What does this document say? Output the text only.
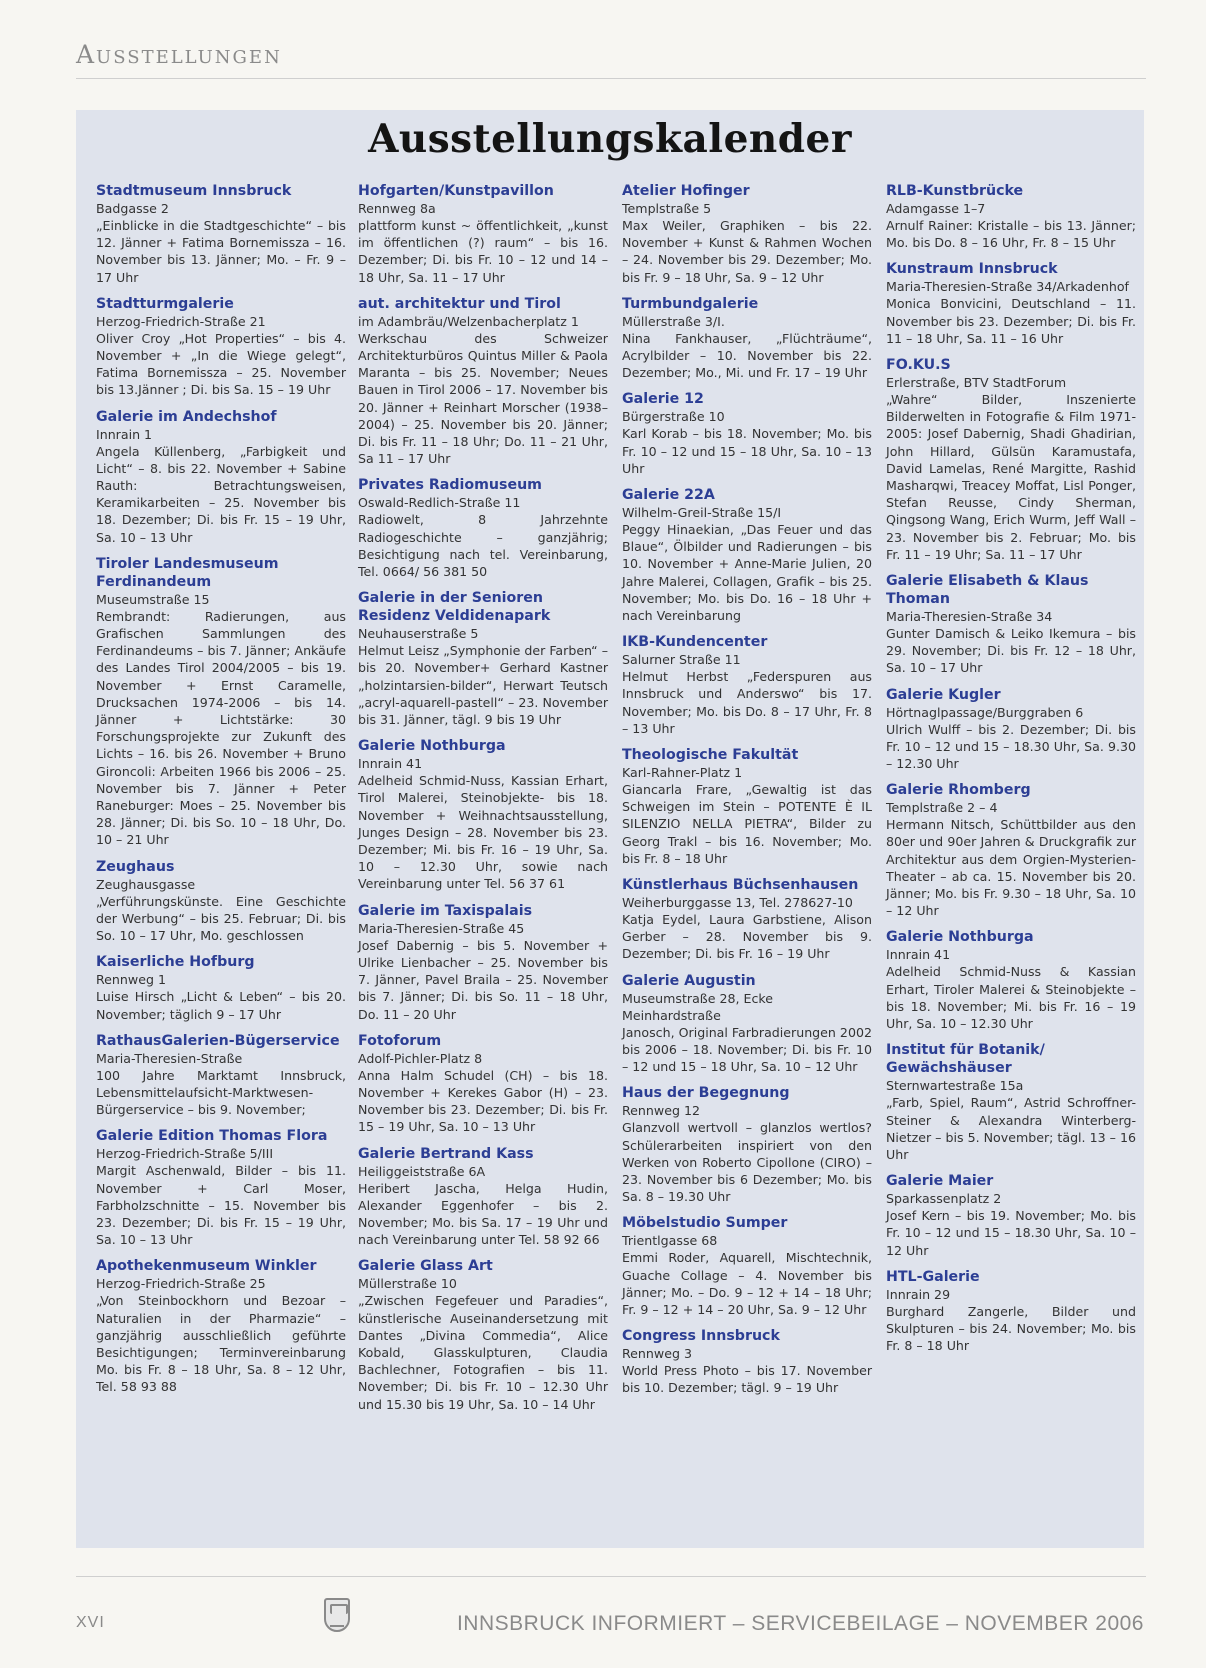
Ausstellungen
Ausstellungskalender
Stadtmuseum Innsbruck
Badgasse 2
„Einblicke in die Stadtgeschichte“ – bis 12. Jänner + Fatima Bornemissza – 16. November bis 13. Jänner; Mo. – Fr. 9 – 17 Uhr
Stadtturmgalerie
Herzog-Friedrich-Straße 21
Oliver Croy „Hot Properties“ – bis 4. November + „In die Wiege gelegt“, Fatima Bornemissza – 25. November bis 13.Jänner ; Di. bis Sa. 15 – 19 Uhr
Galerie im Andechshof
Innrain 1
Angela Küllenberg, „Farbigkeit und Licht“ – 8. bis 22. November + Sabine Rauth: Betrachtungsweisen, Keramikarbeiten – 25. November bis 18. Dezember; Di. bis Fr. 15 – 19 Uhr, Sa. 10 – 13 Uhr
Tiroler Landesmuseum Ferdinandeum
Museumstraße 15
Rembrandt: Radierungen, aus Grafischen Sammlungen des Ferdinandeums – bis 7. Jänner; Ankäufe des Landes Tirol 2004/2005 – bis 19. November + Ernst Caramelle, Drucksachen 1974-2006 – bis 14. Jänner + Lichtstärke: 30 Forschungsprojekte zur Zukunft des Lichts – 16. bis 26. November + Bruno Gironcoli: Arbeiten 1966 bis 2006 – 25. November bis 7. Jänner + Peter Raneburger: Moes – 25. November bis 28. Jänner; Di. bis So. 10 – 18 Uhr, Do. 10 – 21 Uhr
Zeughaus
Zeughausgasse
„Verführungskünste. Eine Geschichte der Werbung“ – bis 25. Februar; Di. bis So. 10 – 17 Uhr, Mo. geschlossen
Kaiserliche Hofburg
Rennweg 1
Luise Hirsch „Licht & Leben“ – bis 20. November; täglich 9 – 17 Uhr
RathausGalerien-Bügerservice
Maria-Theresien-Straße
100 Jahre Marktamt Innsbruck, Lebensmittelaufsicht-Marktwesen-Bürgerservice – bis 9. November;
Galerie Edition Thomas Flora
Herzog-Friedrich-Straße 5/III
Margit Aschenwald, Bilder – bis 11. November + Carl Moser, Farbholzschnitte – 15. November bis 23. Dezember; Di. bis Fr. 15 – 19 Uhr, Sa. 10 – 13 Uhr
Apothekenmuseum Winkler
Herzog-Friedrich-Straße 25
„Von Steinbockhorn und Bezoar – Naturalien in der Pharmazie“ – ganzjährig ausschließlich geführte Besichtigungen; Terminvereinbarung Mo. bis Fr. 8 – 18 Uhr, Sa. 8 – 12 Uhr, Tel. 58 93 88
Hofgarten/Kunstpavillon
Rennweg 8a
plattform kunst ~ öffentlichkeit, „kunst im öffentlichen (?) raum“ – bis 16. Dezember; Di. bis Fr. 10 – 12 und 14 – 18 Uhr, Sa. 11 – 17 Uhr
aut. architektur und Tirol
im Adambräu/Welzenbacherplatz 1
Werkschau des Schweizer Architekturbüros Quintus Miller & Paola Maranta – bis 25. November; Neues Bauen in Tirol 2006 – 17. November bis 20. Jänner + Reinhart Morscher (1938–2004) – 25. November bis 20. Jänner; Di. bis Fr. 11 – 18 Uhr; Do. 11 – 21 Uhr, Sa 11 – 17 Uhr
Privates Radiomuseum
Oswald-Redlich-Straße 11
Radiowelt, 8 Jahrzehnte Radiogeschichte – ganzjährig; Besichtigung nach tel. Vereinbarung, Tel. 0664/ 56 381 50
Galerie in der Senioren Residenz Veldidenapark
Neuhauserstraße 5
Helmut Leisz „Symphonie der Farben“ – bis 20. November+ Gerhard Kastner „holzintarsien-bilder“, Herwart Teutsch „acryl-aquarell-pastell“ – 23. November bis 31. Jänner, tägl. 9 bis 19 Uhr
Galerie Nothburga
Innrain 41
Adelheid Schmid-Nuss, Kassian Erhart, Tirol Malerei, Steinobjekte- bis 18. November + Weihnachtsausstellung, Junges Design – 28. November bis 23. Dezember; Mi. bis Fr. 16 – 19 Uhr, Sa. 10 – 12.30 Uhr, sowie nach Vereinbarung unter Tel. 56 37 61
Galerie im Taxispalais
Maria-Theresien-Straße 45
Josef Dabernig – bis 5. November + Ulrike Lienbacher – 25. November bis 7. Jänner, Pavel Braila – 25. November bis 7. Jänner; Di. bis So. 11 – 18 Uhr, Do. 11 – 20 Uhr
Fotoforum
Adolf-Pichler-Platz 8
Anna Halm Schudel (CH) – bis 18. November + Kerekes Gabor (H) – 23. November bis 23. Dezember; Di. bis Fr. 15 – 19 Uhr, Sa. 10 – 13 Uhr
Galerie Bertrand Kass
Heiliggeiststraße 6A
Heribert Jascha, Helga Hudin, Alexander Eggenhofer – bis 2. November; Mo. bis Sa. 17 – 19 Uhr und nach Vereinbarung unter Tel. 58 92 66
Galerie Glass Art
Müllerstraße 10
„Zwischen Fegefeuer und Paradies“, künstlerische Auseinandersetzung mit Dantes „Divina Commedia“, Alice Kobald, Glasskulpturen, Claudia Bachlechner, Fotografien – bis 11. November; Di. bis Fr. 10 – 12.30 Uhr und 15.30 bis 19 Uhr, Sa. 10 – 14 Uhr
Atelier Hofinger
Templstraße 5
Max Weiler, Graphiken – bis 22. November + Kunst & Rahmen Wochen – 24. November bis 29. Dezember; Mo. bis Fr. 9 – 18 Uhr, Sa. 9 – 12 Uhr
Turmbundgalerie
Müllerstraße 3/I.
Nina Fankhauser, „Flüchträume“, Acrylbilder – 10. November bis 22. Dezember; Mo., Mi. und Fr. 17 – 19 Uhr
Galerie 12
Bürgerstraße 10
Karl Korab – bis 18. November; Mo. bis Fr. 10 – 12 und 15 – 18 Uhr, Sa. 10 – 13 Uhr
Galerie 22A
Wilhelm-Greil-Straße 15/I
Peggy Hinaekian, „Das Feuer und das Blaue“, Ölbilder und Radierungen – bis 10. November + Anne-Marie Julien, 20 Jahre Malerei, Collagen, Grafik – bis 25. November; Mo. bis Do. 16 – 18 Uhr + nach Vereinbarung
IKB-Kundencenter
Salurner Straße 11
Helmut Herbst „Federspuren aus Innsbruck und Anderswo“ bis 17. November; Mo. bis Do. 8 – 17 Uhr, Fr. 8 – 13 Uhr
Theologische Fakultät
Karl-Rahner-Platz 1
Giancarla Frare, „Gewaltig ist das Schweigen im Stein – POTENTE È IL SILENZIO NELLA PIETRA“, Bilder zu Georg Trakl – bis 16. November; Mo. bis Fr. 8 – 18 Uhr
Künstlerhaus Büchsenhausen
Weiherburggasse 13, Tel. 278627-10
Katja Eydel, Laura Garbstiene, Alison Gerber – 28. November bis 9. Dezember; Di. bis Fr. 16 – 19 Uhr
Galerie Augustin
Museumstraße 28, Ecke Meinhardstraße
Janosch, Original Farbradierungen 2002 bis 2006 – 18. November; Di. bis Fr. 10 – 12 und 15 – 18 Uhr, Sa. 10 – 12 Uhr
Haus der Begegnung
Rennweg 12
Glanzvoll wertvoll – glanzlos wertlos? Schülerarbeiten inspiriert von den Werken von Roberto Cipollone (CIRO) – 23. November bis 6 Dezember; Mo. bis Sa. 8 – 19.30 Uhr
Möbelstudio Sumper
Trientlgasse 68
Emmi Roder, Aquarell, Mischtechnik, Guache Collage – 4. November bis Jänner; Mo. – Do. 9 – 12 + 14 – 18 Uhr; Fr. 9 – 12 + 14 – 20 Uhr, Sa. 9 – 12 Uhr
Congress Innsbruck
Rennweg 3
World Press Photo – bis 17. November bis 10. Dezember; tägl. 9 – 19 Uhr
RLB-Kunstbrücke
Adamgasse 1–7
Arnulf Rainer: Kristalle – bis 13. Jänner; Mo. bis Do. 8 – 16 Uhr, Fr. 8 – 15 Uhr
Kunstraum Innsbruck
Maria-Theresien-Straße 34/Arkadenhof
Monica Bonvicini, Deutschland – 11. November bis 23. Dezember; Di. bis Fr. 11 – 18 Uhr, Sa. 11 – 16 Uhr
FO.KU.S
Erlerstraße, BTV StadtForum
„Wahre“ Bilder, Inszenierte Bilderwelten in Fotografie & Film 1971-2005: Josef Dabernig, Shadi Ghadirian, John Hillard, Gülsün Karamustafa, David Lamelas, René Margitte, Rashid Masharqwi, Treacey Moffat, Lisl Ponger, Stefan Reusse, Cindy Sherman, Qingsong Wang, Erich Wurm, Jeff Wall – 23. November bis 2. Februar; Mo. bis Fr. 11 – 19 Uhr; Sa. 11 – 17 Uhr
Galerie Elisabeth & Klaus Thoman
Maria-Theresien-Straße 34
Gunter Damisch & Leiko Ikemura – bis 29. November; Di. bis Fr. 12 – 18 Uhr, Sa. 10 – 17 Uhr
Galerie Kugler
Hörtnaglpassage/Burggraben 6
Ulrich Wulff – bis 2. Dezember; Di. bis Fr. 10 – 12 und 15 – 18.30 Uhr, Sa. 9.30 – 12.30 Uhr
Galerie Rhomberg
Templstraße 2 – 4
Hermann Nitsch, Schüttbilder aus den 80er und 90er Jahren & Druckgrafik zur Architektur aus dem Orgien-Mysterien-Theater – ab ca. 15. November bis 20. Jänner; Mo. bis Fr. 9.30 – 18 Uhr, Sa. 10 – 12 Uhr
Galerie Nothburga
Innrain 41
Adelheid Schmid-Nuss & Kassian Erhart, Tiroler Malerei & Steinobjekte – bis 18. November; Mi. bis Fr. 16 – 19 Uhr, Sa. 10 – 12.30 Uhr
Institut für Botanik/ Gewächshäuser
Sternwartestraße 15a
„Farb, Spiel, Raum“, Astrid Schroffner-Steiner & Alexandra Winterberg-Nietzer – bis 5. November; tägl. 13 – 16 Uhr
Galerie Maier
Sparkassenplatz 2
Josef Kern – bis 19. November; Mo. bis Fr. 10 – 12 und 15 – 18.30 Uhr, Sa. 10 – 12 Uhr
HTL-Galerie
Innrain 29
Burghard Zangerle, Bilder und Skulpturen – bis 24. November; Mo. bis Fr. 8 – 18 Uhr
XVI	INNSBRUCK INFORMIERT – SERVICEBEILAGE – NOVEMBER 2006
